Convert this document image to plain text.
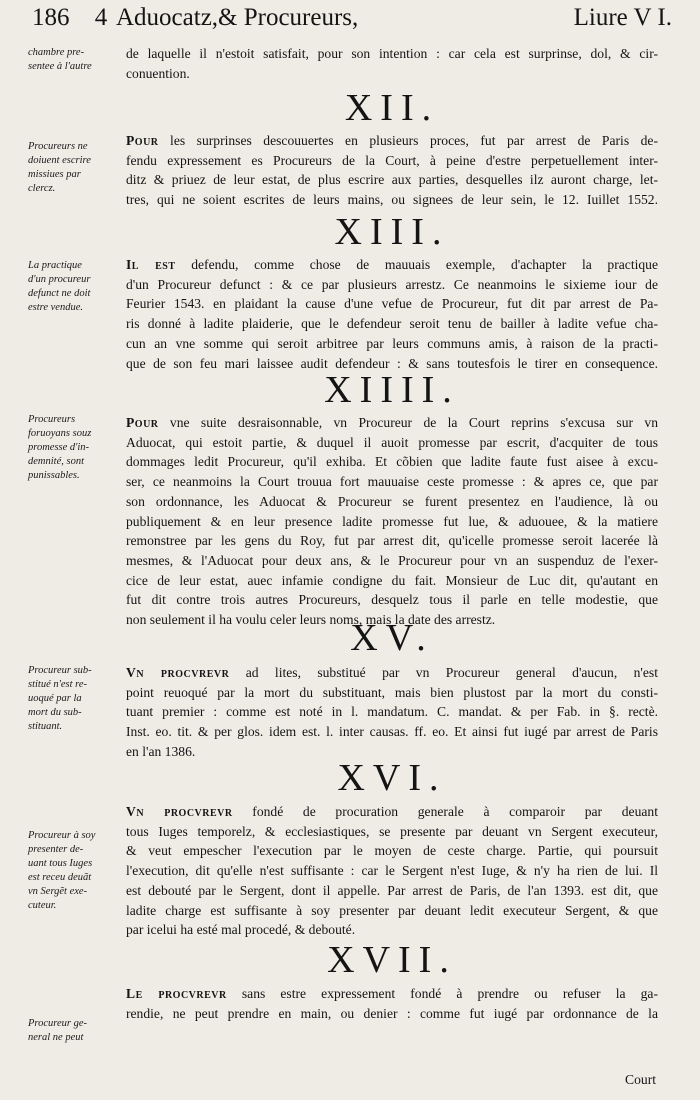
186	4 Aduocatz,& Procureurs,	Liure V I.
chambre pre-
sentee à l'autre
Procureurs ne
doiuent escrire
missiues par
clercz.
La practique
d'un procureur
defunct ne doit
estre vendue.
Procureurs
foruoyans souz
promesse d'in-
demnité, sont
punissables.
Procureur sub-
stitué n'est re-
uoqué par la
mort du sub-
stituant.
Procureur à soy
presenter de-
uant tous Iuges
est receu deuãt
vn Sergẽt exe-
cuteur.
Procureur ge-
neral ne peut
de laquelle il n'estoit satisfait, pour son intention : car cela est surprinse, dol, & cir-
conuention.
XII.
Pour les surprinses descouuertes en plusieurs proces, fut par arrest de Paris de-
fendu expressement es Procureurs de la Court, à peine d'estre perpetuellement inter-
ditz & priuez de leur estat, de plus escrire aux parties, desquelles ilz auront charge, let-
tres, qui ne soient escrites de leurs mains, ou signees de leur sein, le 12. Iuillet 1552.
XIII.
Il est defendu, comme chose de mauuais exemple, d'achapter la practique
d'un Procureur defunct : & ce par plusieurs arrestz. Ce neanmoins le sixieme iour de
Feurier 1543. en plaidant la cause d'une vefue de Procureur, fut dit par arrest de Pa-
ris donné à ladite plaiderie, que le defendeur seroit tenu de bailler à ladite vefue cha-
cun an vne somme qui seroit arbitree par leurs communs amis, à raison de la practi-
que de son feu mari laissee audit defendeur : & sans toutesfois le tirer en consequence.
XIIII.
Pour vne suite desraisonnable, vn Procureur de la Court reprins s'excusa sur vn
Aduocat, qui estoit partie, & duquel il auoit promesse par escrit, d'acquiter de tous
dommages ledit Procureur, qu'il exhiba. Et cõbien que ladite faute fust aisee à excu-
ser, ce neanmoins la Court trouua fort mauuaise ceste promesse : & apres ce, que par
son ordonnance, les Aduocat & Procureur se furent presentez en l'audience, là ou
publiquement & en leur presence ladite promesse fut lue, & aduouee, & la matiere
remonstree par les gens du Roy, fut par arrest dit, qu'icelle promesse seroit lacerée là
mesmes, & l'Aduocat pour deux ans, & le Procureur pour vn an suspenduz de l'exer-
cice de leur estat, auec infamie condigne du fait. Monsieur de Luc dit, qu'autant en
fut dit contre trois autres Procureurs, desquelz tous il parle en telle modestie, que
non seulement il ha voulu celer leurs noms, mais la date des arrestz.
XV.
Vn procvrevr ad lites, substitué par vn Procureur general d'aucun, n'est
point reuoqué par la mort du substituant, mais bien plustost par la mort du consti-
tuant premier : comme est noté in l. mandatum. C. mandat. & per Fab. in §. rectè.
Inst. eo. tit. & per glos. idem est. l. inter causas. ff. eo. Et ainsi fut iugé par arrest de Paris
en l'an 1386.
XVI.
Vn procvrevr fondé de procuration generale à comparoir par deuant
tous Iuges temporelz, & ecclesiastiques, se presente par deuant vn Sergent executeur,
& veut empescher l'execution par le moyen de ceste charge. Partie, qui poursuit
l'execution, dit qu'elle n'est suffisante : car le Sergent n'est Iuge, & n'y ha rien de lui. Il
est debouté par le Sergent, dont il appelle. Par arrest de Paris, de l'an 1393. est dit, que
ladite charge est suffisante à soy presenter par deuant ledit executeur Sergent, & que
par icelui ha esté mal procedé, & debouté.
XVII.
Le procvrevr sans estre expressement fondé à prendre ou refuser la ga-
rendie, ne peut prendre en main, ou denier : comme fut iugé par ordonnance de la
Court
